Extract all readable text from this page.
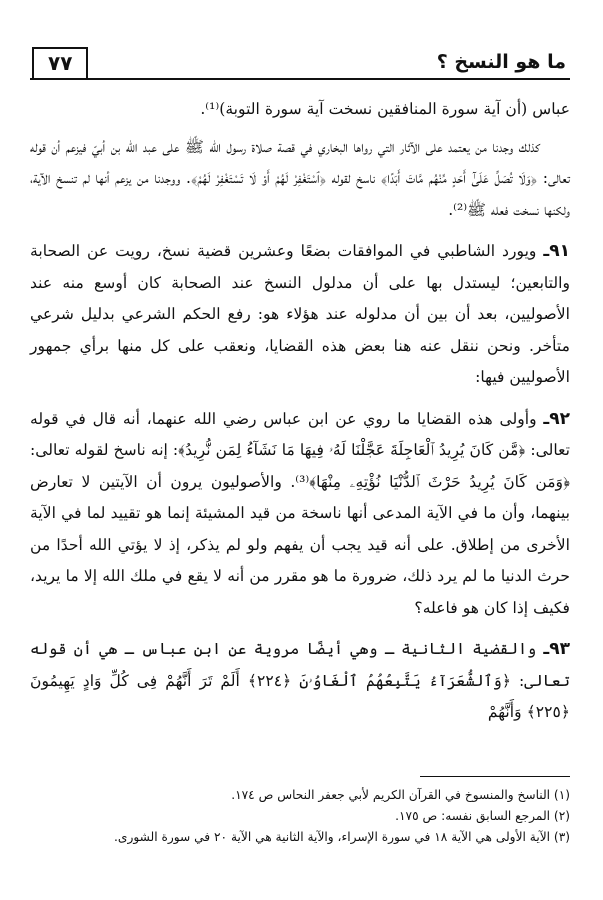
ما هو النسخ ؟
٧٧

عباس (أن آية سورة المنافقين نسخت آية سورة التوبة)⁽¹⁾.

كذلك وجدنا من يعتمد على الآثار التي رواها البخاري في قصة صلاة رسول الله ﷺ على عبد الله بن أبيّ فيزعم أن قوله تعالى: ﴿وَلَا تُصَلِّ عَلَىٰٓ أَحَدٍ مِّنْهُم مَّاتَ أَبَدًا﴾ ناسخ لقوله ﴿ٱسْتَغْفِرْ لَهُمْ أَوْ لَا تَسْتَغْفِرْ لَهُمْ﴾. ووجدنا من يزعم أنها لم تنسخ الآية، ولكنها نسخت فعله ﷺ⁽²⁾.

٩١ـ ويورد الشاطبي في الموافقات بضعًا وعشرين قضية نسخ، رويت عن الصحابة والتابعين؛ ليستدل بها على أن مدلول النسخ عند الصحابة كان أوسع منه عند الأصوليين، بعد أن بين أن مدلوله عند هؤلاء هو: رفع الحكم الشرعي بدليل شرعي متأخر. ونحن ننقل عنه هنا بعض هذه القضايا، ونعقب على كل منها برأي جمهور الأصوليين فيها:

٩٢ـ وأولى هذه القضايا ما روي عن ابن عباس رضي الله عنهما، أنه قال في قوله تعالى: ﴿مَّن كَانَ يُرِيدُ ٱلْعَاجِلَةَ عَجَّلْنَا لَهُۥ فِيهَا مَا نَشَآءُ لِمَن نُّرِيدُ﴾: إنه ناسخ لقوله تعالى: ﴿وَمَن كَانَ يُرِيدُ حَرْثَ ٱلدُّنْيَا نُؤْتِهِۦ مِنْهَا﴾⁽³⁾. والأصوليون يرون أن الآيتين لا تعارض بينهما، وأن ما في الآية المدعى أنها ناسخة من قيد المشيئة إنما هو تقييد لما في الآية الأخرى من إطلاق. على أنه قيد يجب أن يفهم ولو لم يذكر، إذ لا يؤتي الله أحدًا من حرث الدنيا ما لم يرد ذلك، ضرورة ما هو مقرر من أنه لا يقع في ملك الله إلا ما يريد، فكيف إذا كان هو فاعله؟

٩٣ـ والقضية الثانية ـ وهي أيضًا مروية عن ابن عباس ـ هي أن قوله تعالى: ﴿وَٱلشُّعَرَآءُ يَتَّبِعُهُمُ ٱلْغَاوُۥنَ ﴿٢٢٤﴾ أَلَمْ تَرَ أَنَّهُمْ فِى كُلِّ وَادٍ يَهِيمُونَ ﴿٢٢٥﴾ وَأَنَّهُمْ

(١) الناسخ والمنسوخ في القرآن الكريم لأبي جعفر النحاس ص ١٧٤.

(٢) المرجع السابق نفسه: ص ١٧٥.

(٣) الآية الأولى هي الآية ١٨ في سورة الإسراء، والآية الثانية هي الآية ٢٠ في سورة الشورى.
